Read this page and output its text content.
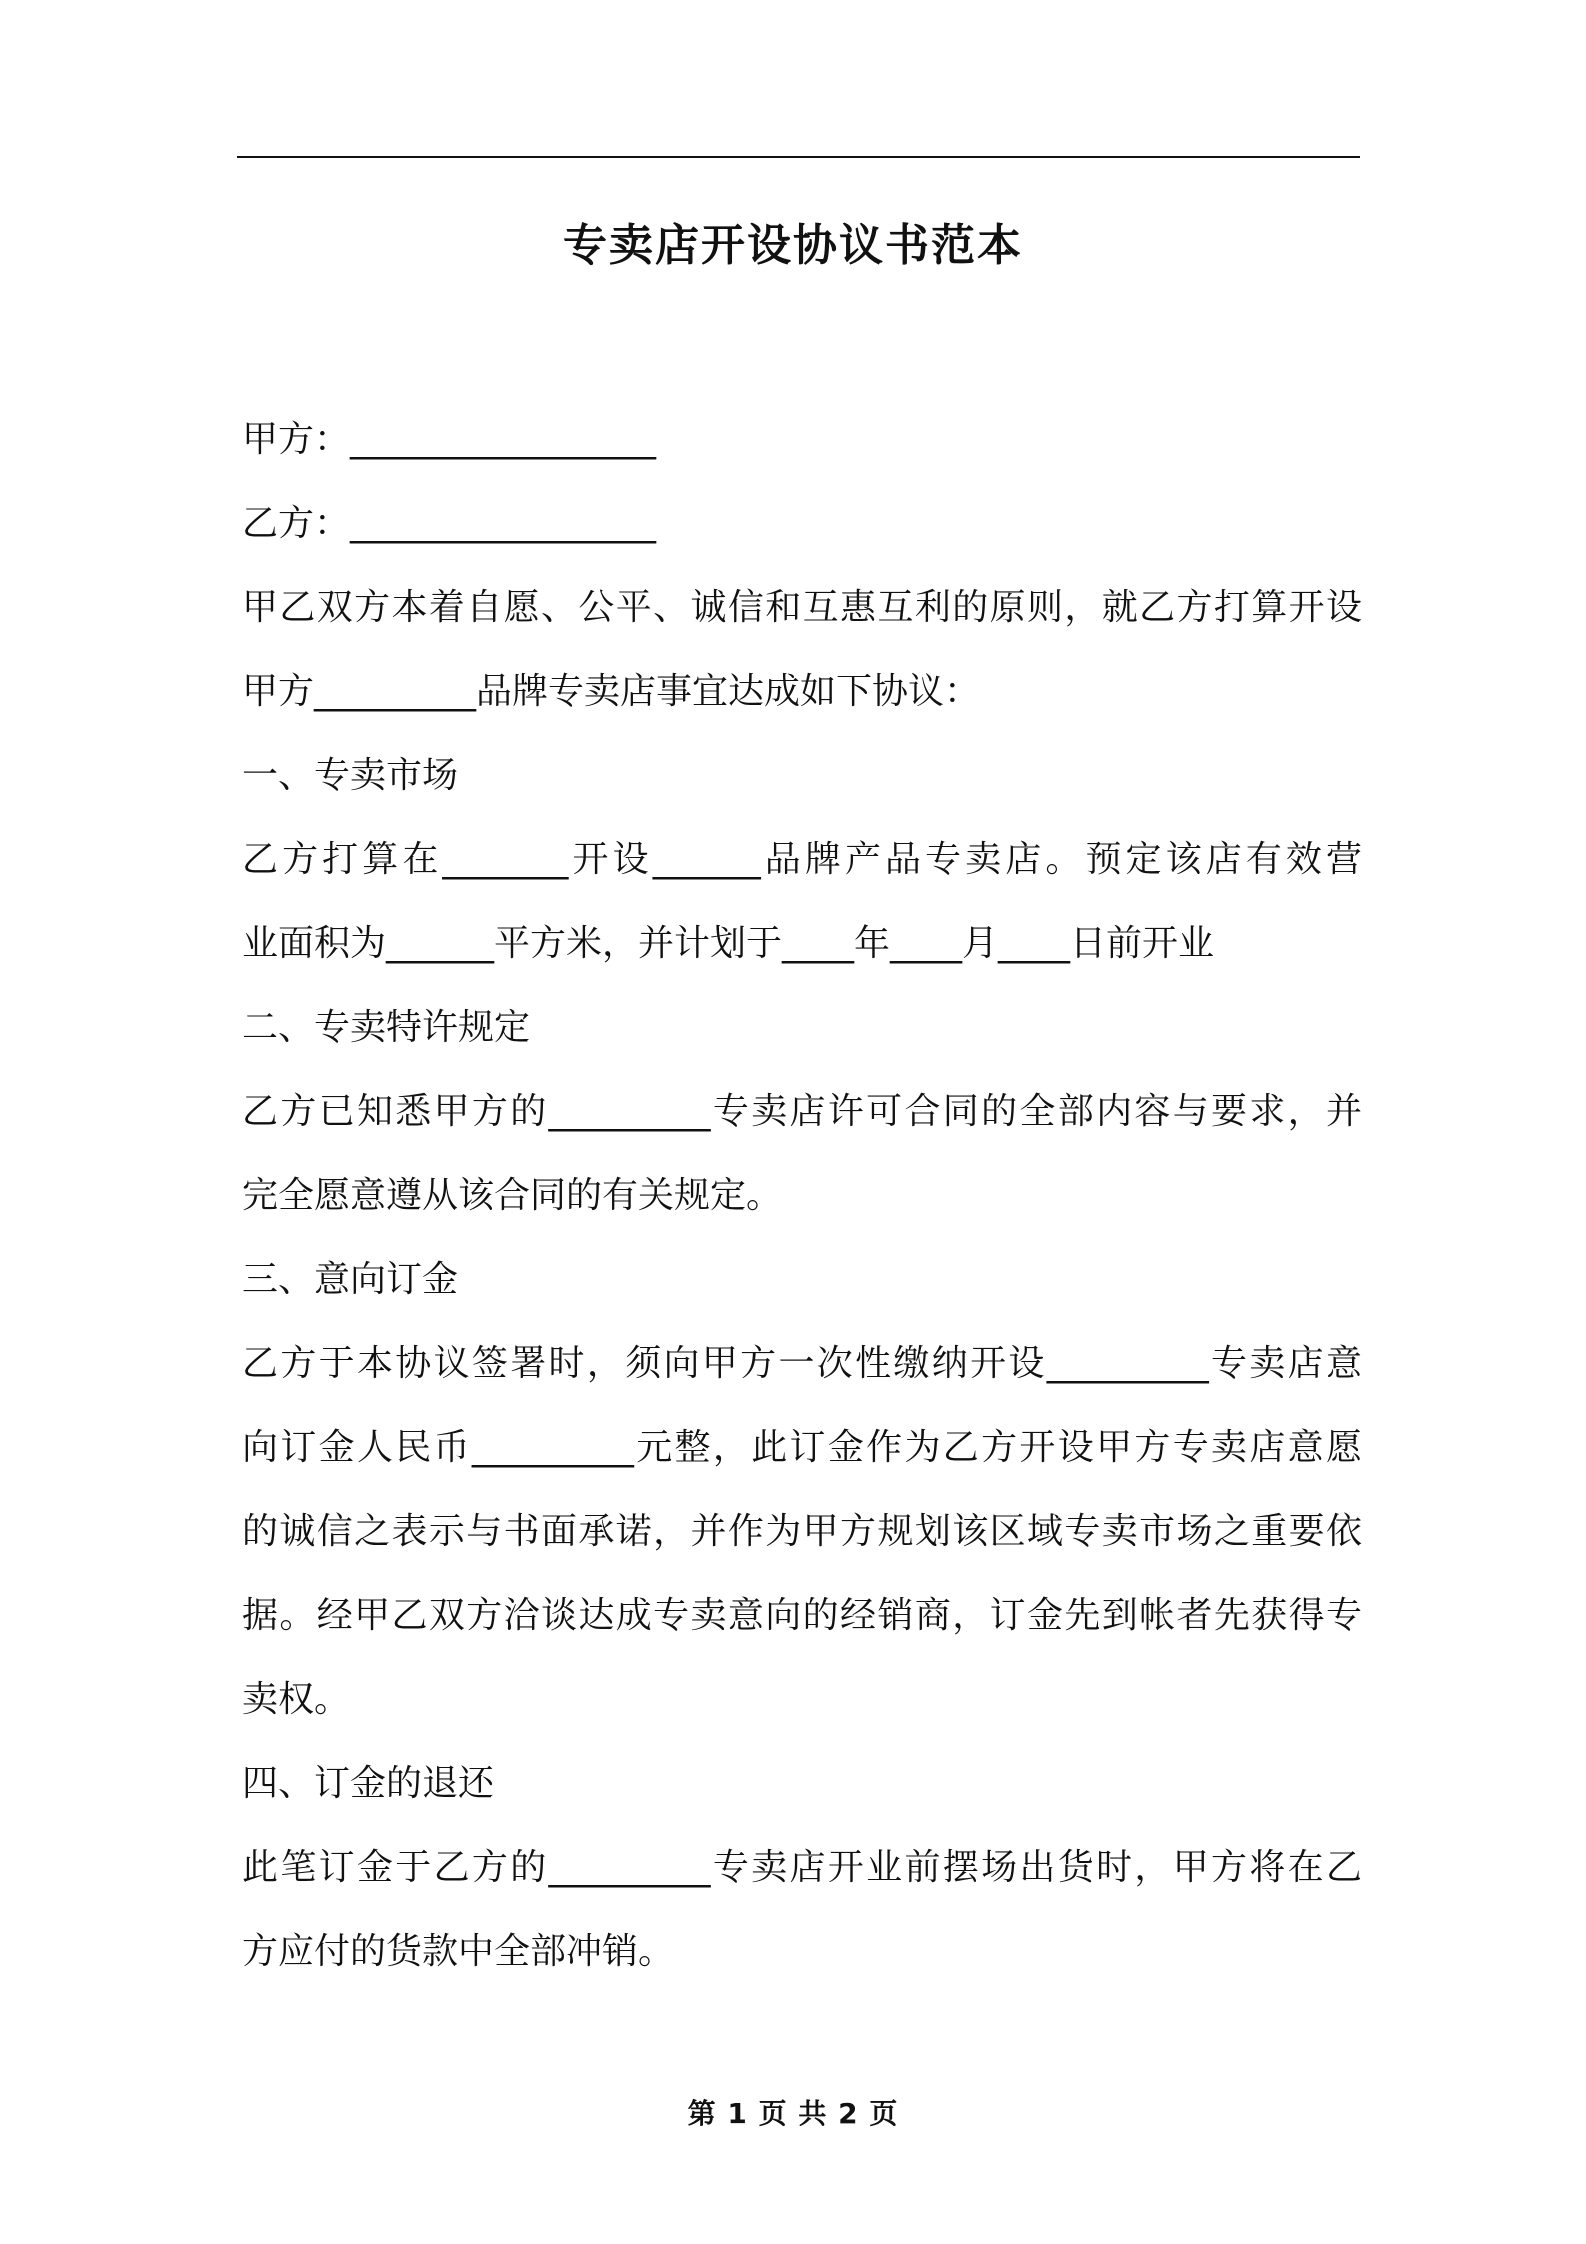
专卖店开设协议书范本
甲方：_________________
乙方：_________________
甲乙双方本着自愿、公平、诚信和互惠互利的原则，就乙方打算开设
甲方_________品牌专卖店事宜达成如下协议：
一、专卖市场
乙方打算在_______开设______品牌产品专卖店。预定该店有效营
业面积为______平方米，并计划于____年____月____日前开业
二、专卖特许规定
乙方已知悉甲方的_________专卖店许可合同的全部内容与要求，并
完全愿意遵从该合同的有关规定。
三、意向订金
乙方于本协议签署时，须向甲方一次性缴纳开设_________专卖店意
向订金人民币_________元整，此订金作为乙方开设甲方专卖店意愿
的诚信之表示与书面承诺，并作为甲方规划该区域专卖市场之重要依
据。经甲乙双方洽谈达成专卖意向的经销商，订金先到帐者先获得专
卖权。
四、订金的退还
此笔订金于乙方的_________专卖店开业前摆场出货时，甲方将在乙
方应付的货款中全部冲销。
第 1 页 共 2 页
